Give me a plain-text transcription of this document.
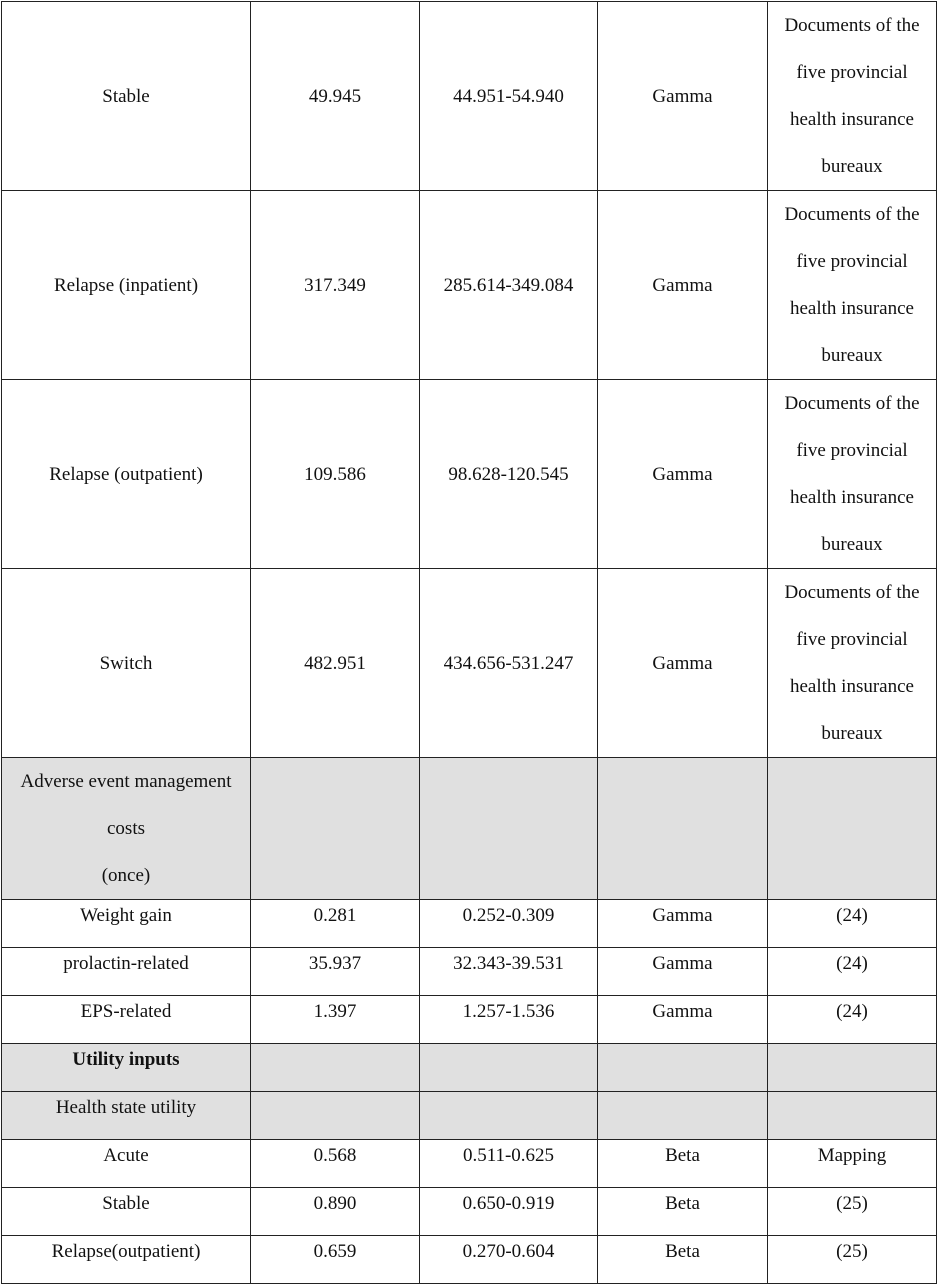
Stable	49.945	44.951-54.940	Gamma	Documents of the
five provincial
health insurance
bureaux

Relapse (inpatient)	317.349	285.614-349.084	Gamma	Documents of the
five provincial
health insurance
bureaux

Relapse (outpatient)	109.586	98.628-120.545	Gamma	Documents of the
five provincial
health insurance
bureaux

Switch	482.951	434.656-531.247	Gamma	Documents of the
five provincial
health insurance
bureaux

Adverse event management
costs
(once)				

Weight gain	0.281	0.252-0.309	Gamma	(24)
prolactin-related	35.937	32.343-39.531	Gamma	(24)
EPS-related	1.397	1.257-1.536	Gamma	(24)
Utility inputs				
Health state utility				
Acute	0.568	0.511-0.625	Beta	Mapping
Stable	0.890	0.650-0.919	Beta	(25)
Relapse(outpatient)	0.659	0.270-0.604	Beta	(25)
